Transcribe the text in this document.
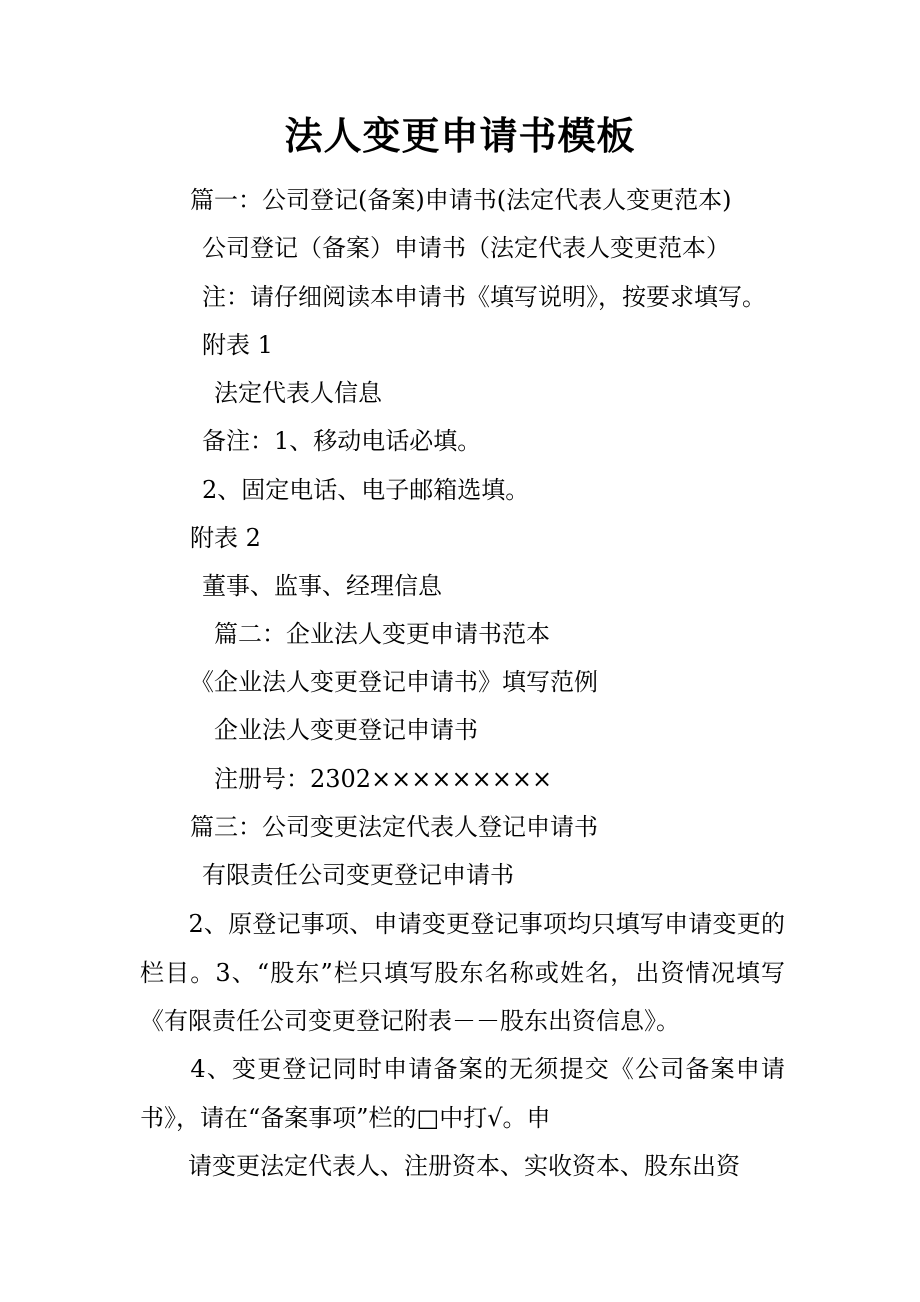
法人变更申请书模板
篇一：公司登记(备案)申请书(法定代表人变更范本)
公司登记（备案）申请书（法定代表人变更范本）
注：请仔细阅读本申请书《填写说明》，按要求填写。
附表 1
法定代表人信息
备注：1、移动电话必填。
2、固定电话、电子邮箱选填。
附表 2
董事、监事、经理信息
篇二：企业法人变更申请书范本
《企业法人变更登记申请书》填写范例
企业法人变更登记申请书
注册号：2302×××××××××
篇三：公司变更法定代表人登记申请书
有限责任公司变更登记申请书
　　2、原登记事项、申请变更登记事项均只填写申请变更的栏目。3、“股东”栏只填写股东名称或姓名，出资情况填写《有限责任公司变更登记附表－－股东出资信息》。
　　4、变更登记同时申请备案的无须提交《公司备案申请书》，请在“备案事项”栏的□中打√。申
　　请变更法定代表人、注册资本、实收资本、股东出资
